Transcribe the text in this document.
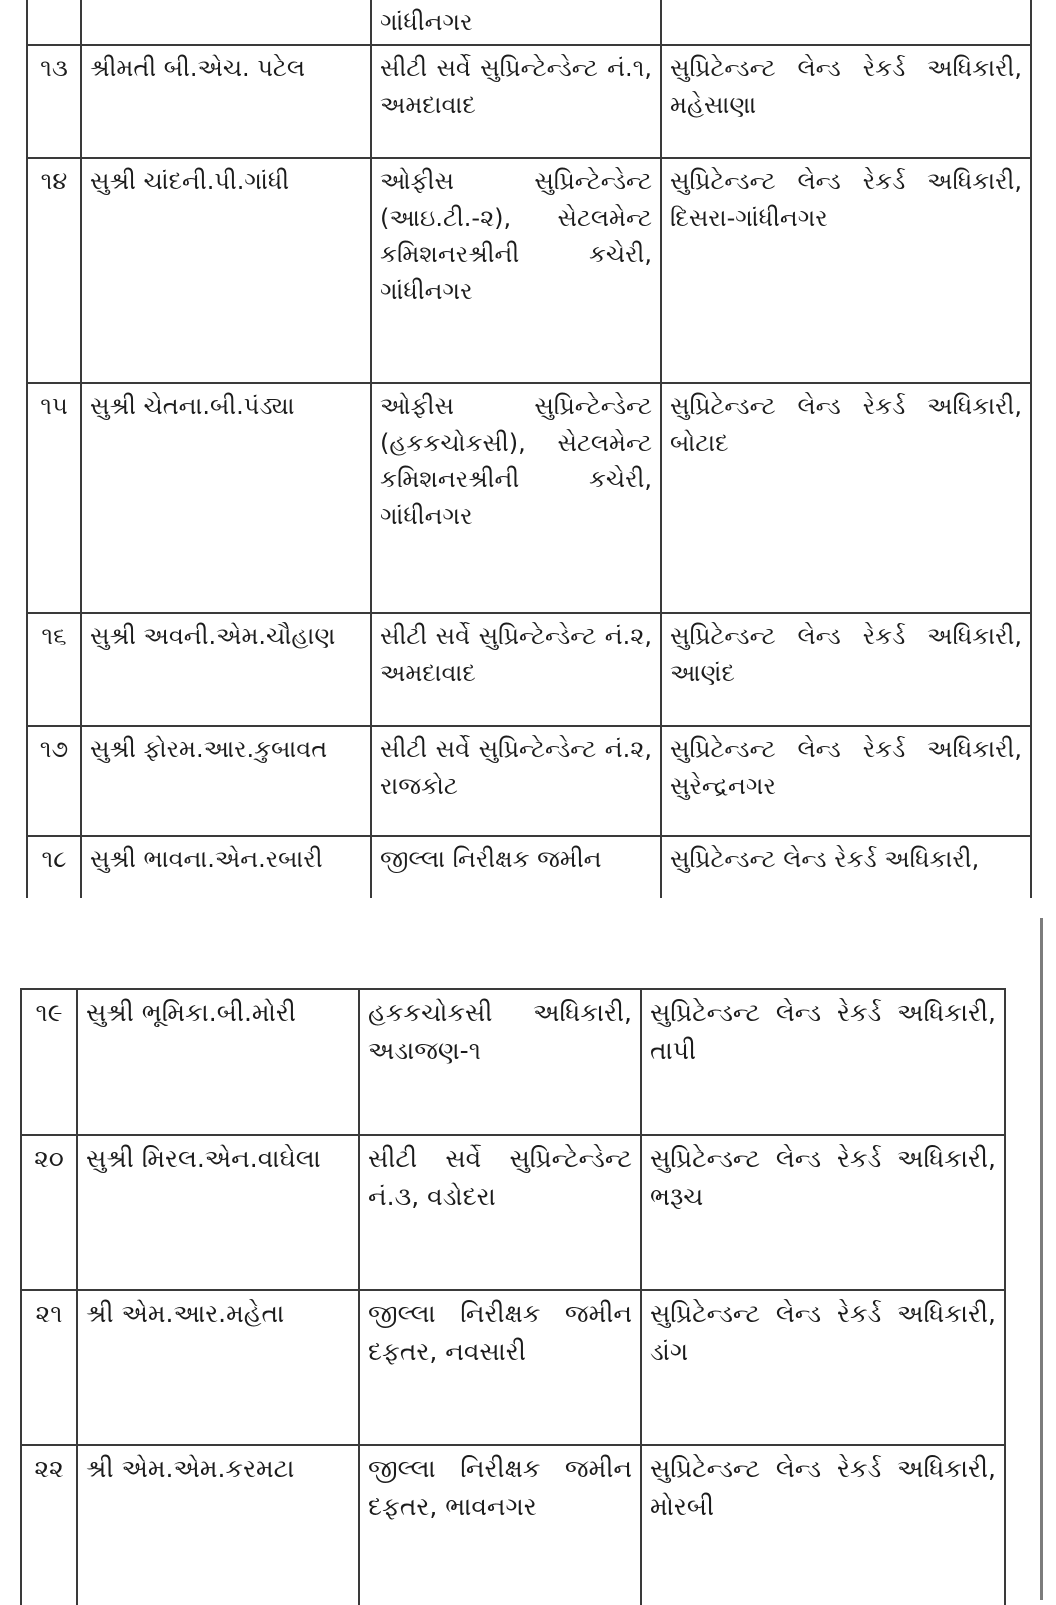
		ગાંધીનગર	
૧૩	શ્રીમતી બી.એચ. પટેલ	સીટી સર્વે સુપ્રિન્ટેન્ડેન્ટ નં.૧, અમદાવાદ	સુપ્રિટેન્ડન્ટ લેન્ડ રેકર્ડ અધિકારી, મહેસાણા
૧૪	સુશ્રી ચાંદની.પી.ગાંધી	ઓફીસ સુપ્રિન્ટેન્ડેન્ટ (આઇ.ટી.-૨), સેટલમેન્ટ કમિશનરશ્રીની કચેરી, ગાંધીનગર	સુપ્રિટેન્ડન્ટ લેન્ડ રેકર્ડ અધિકારી, દિસરા-ગાંધીનગર
૧૫	સુશ્રી ચેતના.બી.પંડ્યા	ઓફીસ સુપ્રિન્ટેન્ડેન્ટ (હકકચોકસી), સેટલમેન્ટ કમિશનરશ્રીની કચેરી, ગાંધીનગર	સુપ્રિટેન્ડન્ટ લેન્ડ રેકર્ડ અધિકારી, બોટાદ
૧૬	સુશ્રી અવની.એમ.ચૌહાણ	સીટી સર્વે સુપ્રિન્ટેન્ડેન્ટ નં.૨, અમદાવાદ	સુપ્રિટેન્ડન્ટ લેન્ડ રેકર્ડ અધિકારી, આણંદ
૧૭	સુશ્રી ફોરમ.આર.કુબાવત	સીટી સર્વે સુપ્રિન્ટેન્ડેન્ટ નં.૨, રાજકોટ	સુપ્રિટેન્ડન્ટ લેન્ડ રેકર્ડ અધિકારી, સુરેન્દ્રનગર
૧૮	સુશ્રી ભાવના.એન.રબારી	જીલ્લા નિરીક્ષક જમીન	સુપ્રિટેન્ડન્ટ લેન્ડ રેકર્ડ અધિકારી,
૧૯	સુશ્રી ભૂમિકા.બી.મોરી	હકકચોકસી અધિકારી, અડાજણ-૧	સુપ્રિટેન્ડન્ટ લેન્ડ રેકર્ડ અધિકારી, તાપી
૨૦	સુશ્રી મિરલ.એન.વાઘેલા	સીટી સર્વે સુપ્રિન્ટેન્ડેન્ટ નં.૩, વડોદરા	સુપ્રિટેન્ડન્ટ લેન્ડ રેકર્ડ અધિકારી, ભરૂચ
૨૧	શ્રી એમ.આર.મહેતા	જીલ્લા નિરીક્ષક જમીન દફતર, નવસારી	સુપ્રિટેન્ડન્ટ લેન્ડ રેકર્ડ અધિકારી, ડાંગ
૨૨	શ્રી એમ.એમ.કરમટા	જીલ્લા નિરીક્ષક જમીન દફતર, ભાવનગર	સુપ્રિટેન્ડન્ટ લેન્ડ રેકર્ડ અધિકારી, મોરબી
